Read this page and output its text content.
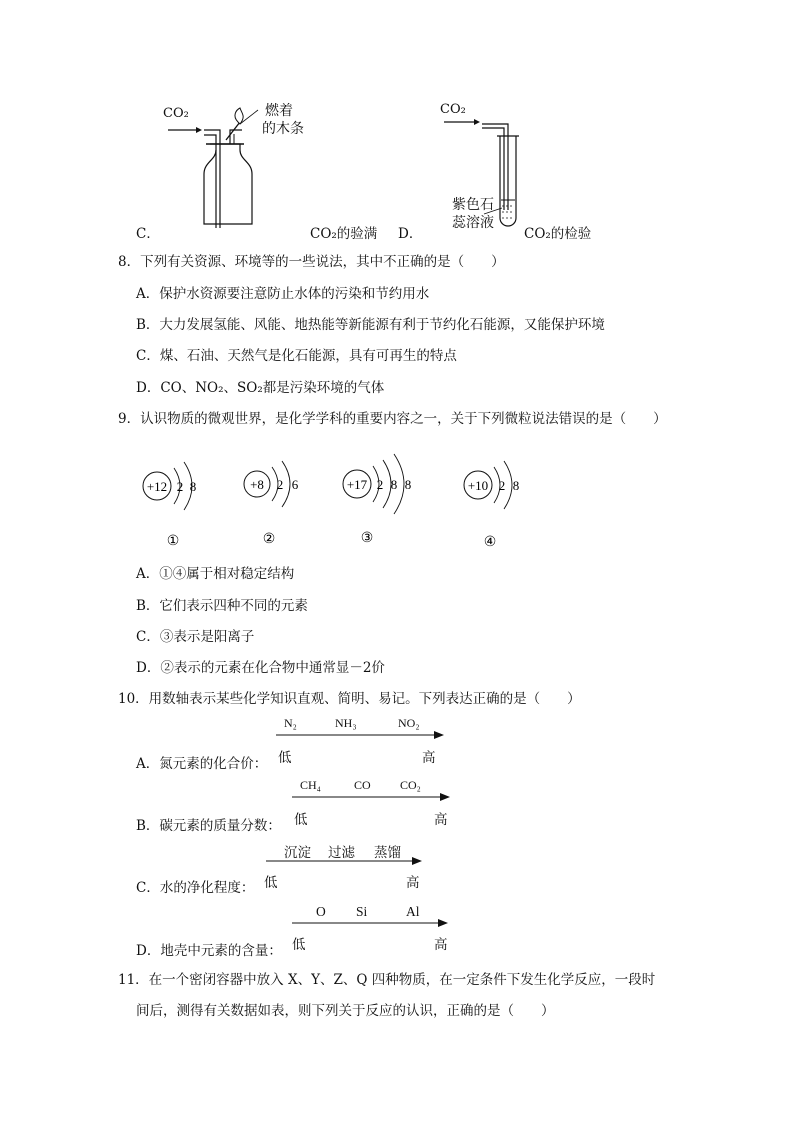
CO₂	燃着
的木条
C．	CO₂的验满
CO₂
紫色石
蕊溶液
D．	CO₂的检验
8．下列有关资源、环境等的一些说法，其中不正确的是（　　）
A．保护水资源要注意防止水体的污染和节约用水
B．大力发展氢能、风能、地热能等新能源有利于节约化石能源，又能保护环境
C．煤、石油、天然气是化石能源，具有可再生的特点
D．CO、NO₂、SO₂都是污染环境的气体
9．认识物质的微观世界，是化学学科的重要内容之一，关于下列微粒说法错误的是（　　）
+12 2 8	+8 2 6	+17 2 8 8	+10 2 8
①	②	③	④
A．①④属于相对稳定结构
B．它们表示四种不同的元素
C．③表示是阳离子
D．②表示的元素在化合物中通常显－2价
10．用数轴表示某些化学知识直观、简明、易记。下列表达正确的是（　　）
N₂	NH₃	NO₂
A．氮元素的化合价： 低	高
CH₄	CO CO₂
B．碳元素的质量分数： 低	高
沉淀 过滤 蒸馏
C．水的净化程度： 低	高
O Si	Al
D．地壳中元素的含量： 低	高
11．在一个密闭容器中放入 X、Y、Z、Q 四种物质，在一定条件下发生化学反应，一段时
间后，测得有关数据如表，则下列关于反应的认识，正确的是（　　）
